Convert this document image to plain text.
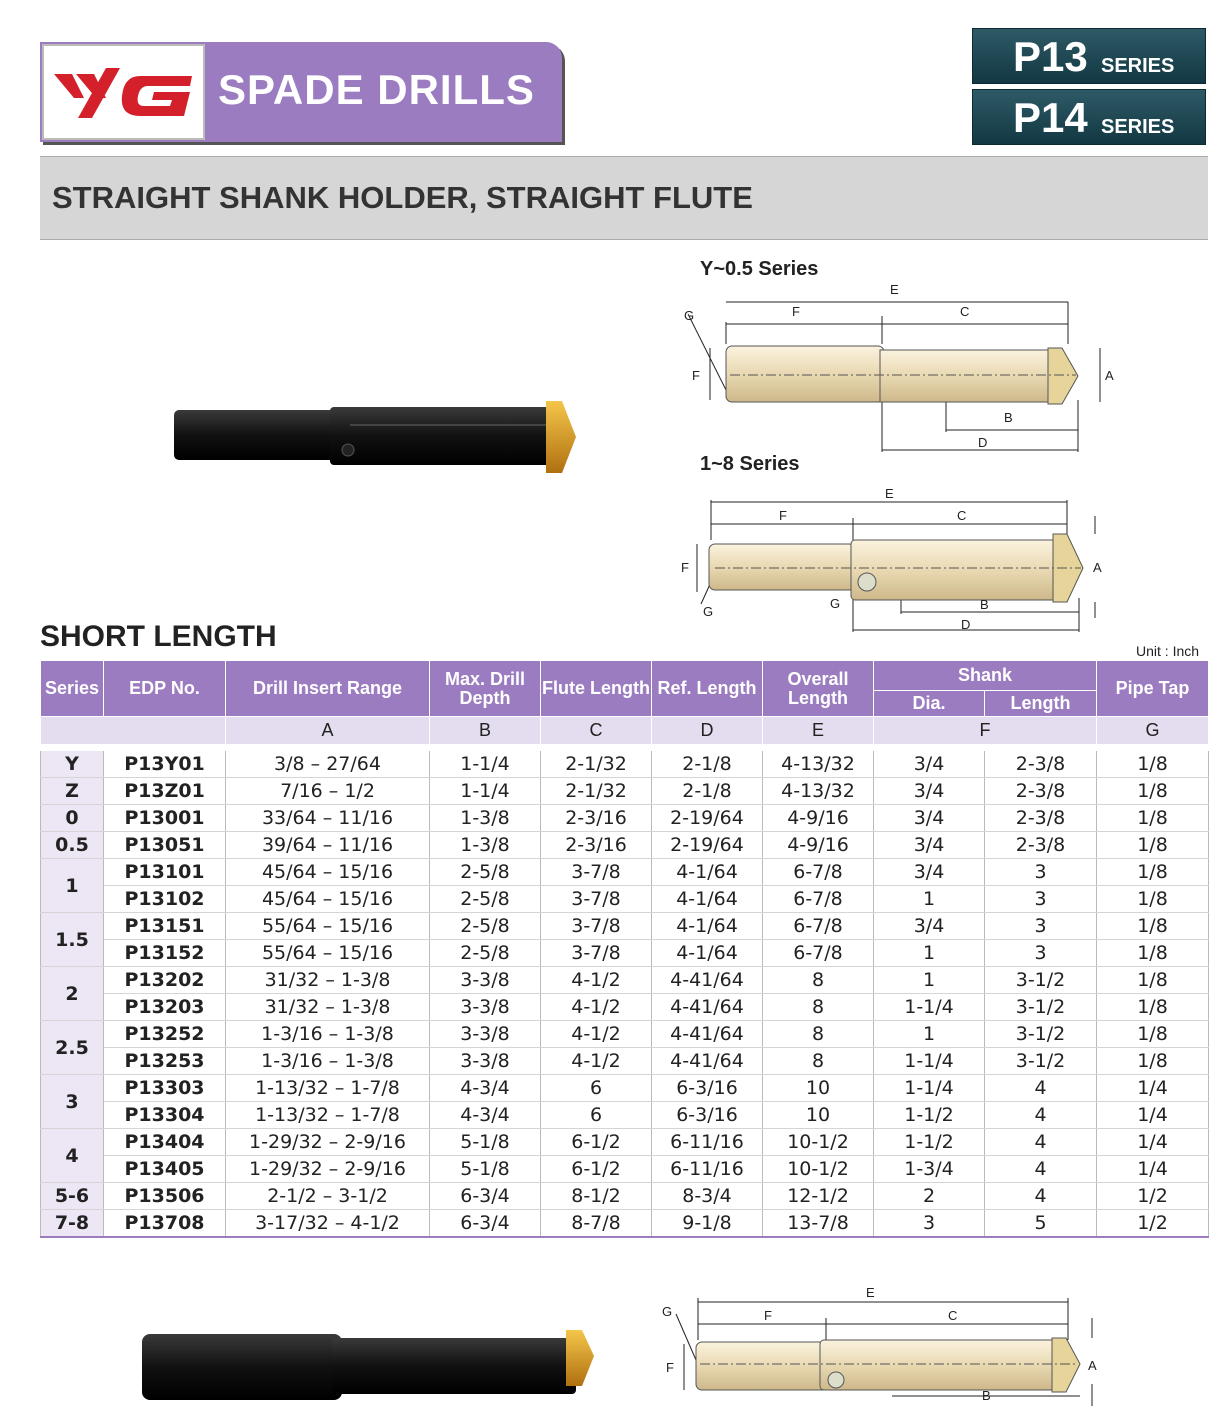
SPADE DRILLS
P13 SERIES
P14 SERIES
STRAIGHT SHANK HOLDER, STRAIGHT FLUTE
Y~0.5 Series
E
F	C
G
F	A
B
D
1~8 Series
E
F	C
F	A
G
G	B
D
SHORT LENGTH	Unit : Inch
Series	EDP No.	Drill Insert Range	Max. Drill Depth	Flute Length	Ref. Length	Overall Length	Shank		Pipe Tap
							Dia.	Length	
		A	B	C	D	E	F		G

Y	P13Y01	3/8 – 27/64	1-1/4	2-1/32	2-1/8	4-13/32	3/4	2-3/8	1/8
Z	P13Z01	7/16 – 1/2	1-1/4	2-1/32	2-1/8	4-13/32	3/4	2-3/8	1/8
0	P13001	33/64 – 11/16	1-3/8	2-3/16	2-19/64	4-9/16	3/4	2-3/8	1/8
0.5	P13051	39/64 – 11/16	1-3/8	2-3/16	2-19/64	4-9/16	3/4	2-3/8	1/8
1	P13101	45/64 – 15/16	2-5/8	3-7/8	4-1/64	6-7/8	3/4	3	1/8
	P13102	45/64 – 15/16	2-5/8	3-7/8	4-1/64	6-7/8	1	3	1/8
1.5	P13151	55/64 – 15/16	2-5/8	3-7/8	4-1/64	6-7/8	3/4	3	1/8
	P13152	55/64 – 15/16	2-5/8	3-7/8	4-1/64	6-7/8	1	3	1/8
2	P13202	31/32 – 1-3/8	3-3/8	4-1/2	4-41/64	8	1	3-1/2	1/8
	P13203	31/32 – 1-3/8	3-3/8	4-1/2	4-41/64	8	1-1/4	3-1/2	1/8
2.5	P13252	1-3/16 – 1-3/8	3-3/8	4-1/2	4-41/64	8	1	3-1/2	1/8
	P13253	1-3/16 – 1-3/8	3-3/8	4-1/2	4-41/64	8	1-1/4	3-1/2	1/8
3	P13303	1-13/32 – 1-7/8	4-3/4	6	6-3/16	10	1-1/4	4	1/4
	P13304	1-13/32 – 1-7/8	4-3/4	6	6-3/16	10	1-1/2	4	1/4
4	P13404	1-29/32 – 2-9/16	5-1/8	6-1/2	6-11/16	10-1/2	1-1/2	4	1/4
	P13405	1-29/32 – 2-9/16	5-1/8	6-1/2	6-11/16	10-1/2	1-3/4	4	1/4
5-6	P13506	2-1/2 – 3-1/2	6-3/4	8-1/2	8-3/4	12-1/2	2	4	1/2
7-8	P13708	3-17/32 – 4-1/2	6-3/4	8-7/8	9-1/8	13-7/8	3	5	1/2
E
F	C
G
F	A
B
